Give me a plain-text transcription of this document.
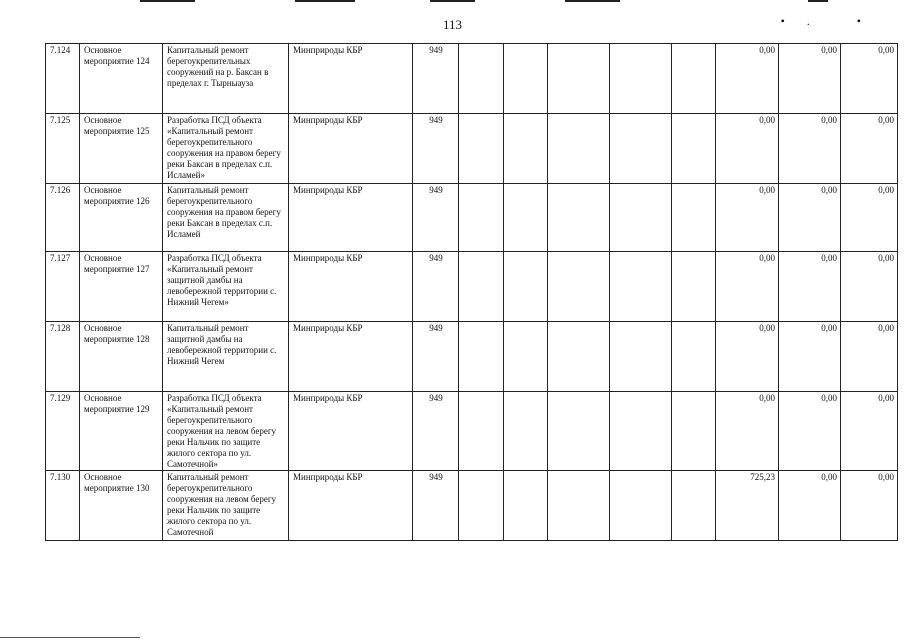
113	•. •
7.124	Основное мероприятие 124	Капитальный ремонт берегоукрепительных сооружений на р. Баксан в пределах г. Тырныауза	Минприроды КБР	949						0,00	0,00	0,00
7.125	Основное мероприятие 125	Разработка ПСД объекта «Капитальный ремонт берегоукрепительного сооружения на правом берегу реки Баксан в пределах с.п. Исламей»	Минприроды КБР	949						0,00	0,00	0,00
7.126	Основное мероприятие 126	Капитальный ремонт берегоукрепительного сооружения на правом берегу реки Баксан в пределах с.п. Исламей	Минприроды КБР	949						0,00	0,00	0,00
7.127	Основное мероприятие 127	Разработка ПСД объекта «Капитальный ремонт защитной дамбы на левобережной территории с. Нижний Чегем»	Минприроды КБР	949						0,00	0,00	0,00
7.128	Основное мероприятие 128	Капитальный ремонт защитной дамбы на левобережной территории с. Нижний Чегем	Минприроды КБР	949						0,00	0,00	0,00
7.129	Основное мероприятие 129	Разработка ПСД объекта «Капитальный ремонт берегоукрепительного сооружения на левом берегу реки Нальчик по защите жилого сектора по ул. Самотечной»	Минприроды КБР	949						0,00	0,00	0,00
7.130	Основное мероприятие 130	Капитальный ремонт берегоукрепительного сооружения на левом берегу реки Нальчик по защите жилого сектора по ул. Самотечной	Минприроды КБР	949						725,23	0,00	0,00
